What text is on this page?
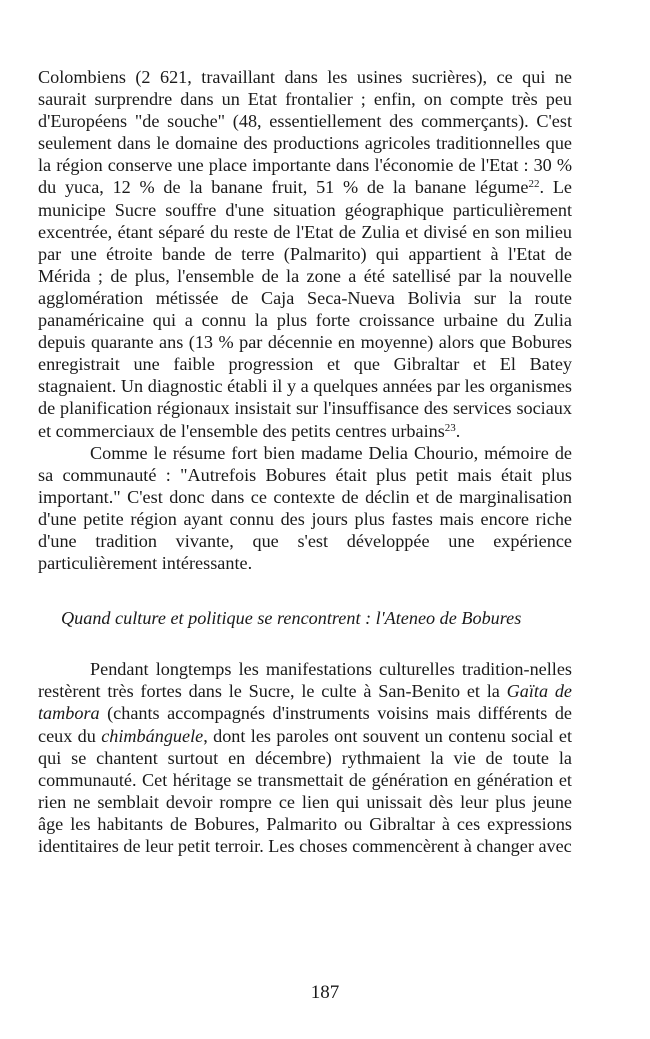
Colombiens (2 621, travaillant dans les usines sucrières), ce qui ne saurait surprendre dans un Etat frontalier ; enfin, on compte très peu d'Européens "de souche" (48, essentiellement des commerçants). C'est seulement dans le domaine des productions agricoles traditionnelles que la région conserve une place importante dans l'économie de l'Etat : 30 % du yuca, 12 % de la banane fruit, 51 % de la banane légume$^{22}$. Le municipe Sucre souffre d'une situation géographique particulièrement excentrée, étant séparé du reste de l'Etat de Zulia et divisé en son milieu par une étroite bande de terre (Palmarito) qui appartient à l'Etat de Mérida ; de plus, l'ensemble de la zone a été satellisé par la nouvelle agglomération métissée de Caja Seca-Nueva Bolivia sur la route panaméricaine qui a connu la plus forte croissance urbaine du Zulia depuis quarante ans (13 % par décennie en moyenne) alors que Bobures enregistrait une faible progression et que Gibraltar et El Batey stagnaient. Un diagnostic établi il y a quelques années par les organismes de planification régionaux insistait sur l'insuffisance des services sociaux et commerciaux de l'ensemble des petits centres urbains$^{23}$.

Comme le résume fort bien madame Delia Chourio, mémoire de sa communauté : "Autrefois Bobures était plus petit mais était plus important." C'est donc dans ce contexte de déclin et de marginalisation d'une petite région ayant connu des jours plus fastes mais encore riche d'une tradition vivante, que s'est développée une expérience particulièrement intéressante.

Quand culture et politique se rencontrent : l'Ateneo de Bobures

Pendant longtemps les manifestations culturelles tradition-nelles restèrent très fortes dans le Sucre, le culte à San-Benito et la Gaïta de tambora (chants accompagnés d'instruments voisins mais différents de ceux du chimbánguele, dont les paroles ont souvent un contenu social et qui se chantent surtout en décembre) rythmaient la vie de toute la communauté. Cet héritage se transmettait de génération en génération et rien ne semblait devoir rompre ce lien qui unissait dès leur plus jeune âge les habitants de Bobures, Palmarito ou Gibraltar à ces expressions identitaires de leur petit terroir. Les choses commencèrent à changer avec

187
